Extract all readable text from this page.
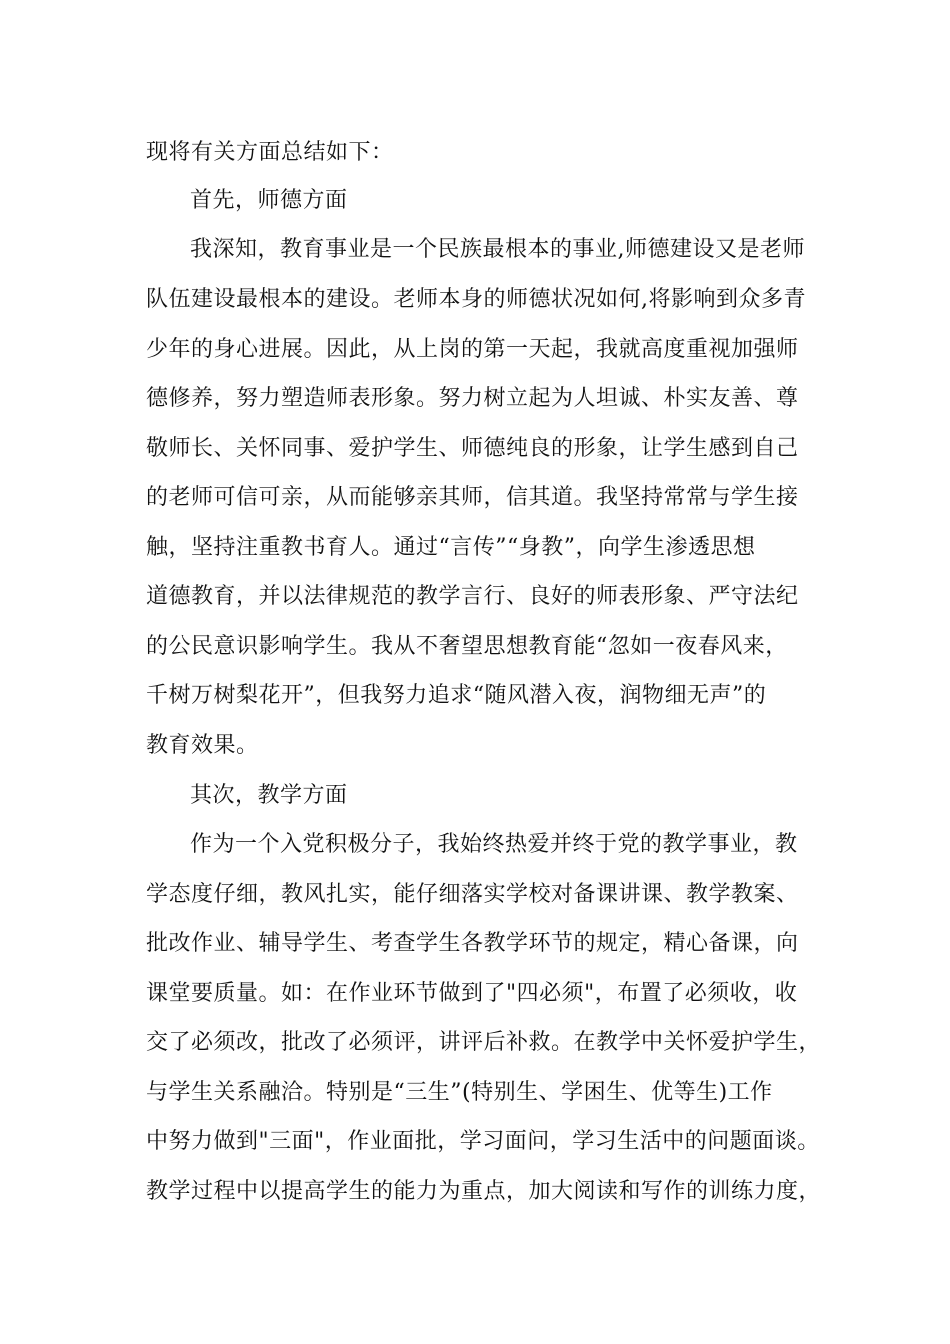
现将有关方面总结如下：
首先，师德方面
我深知，教育事业是一个民族最根本的事业,师德建设又是老师
队伍建设最根本的建设。老师本身的师德状况如何,将影响到众多青
少年的身心进展。因此，从上岗的第一天起，我就高度重视加强师
德修养，努力塑造师表形象。努力树立起为人坦诚、朴实友善、尊
敬师长、关怀同事、爱护学生、师德纯良的形象，让学生感到自己
的老师可信可亲，从而能够亲其师，信其道。我坚持常常与学生接
触，坚持注重教书育人。通过“言传”“身教”，向学生渗透思想
道德教育，并以法律规范的教学言行、良好的师表形象、严守法纪
的公民意识影响学生。我从不奢望思想教育能“忽如一夜春风来，
千树万树梨花开”，但我努力追求“随风潜入夜，润物细无声”的
教育效果。
其次，教学方面
作为一个入党积极分子，我始终热爱并终于党的教学事业，教
学态度仔细，教风扎实，能仔细落实学校对备课讲课、教学教案、
批改作业、辅导学生、考查学生各教学环节的规定，精心备课，向
课堂要质量。如：在作业环节做到了"四必须"，布置了必须收，收
交了必须改，批改了必须评，讲评后补救。在教学中关怀爱护学生，
与学生关系融洽。特别是“三生”(特别生、学困生、优等生)工作
中努力做到"三面"，作业面批，学习面问，学习生活中的问题面谈。
教学过程中以提高学生的能力为重点，加大阅读和写作的训练力度，
